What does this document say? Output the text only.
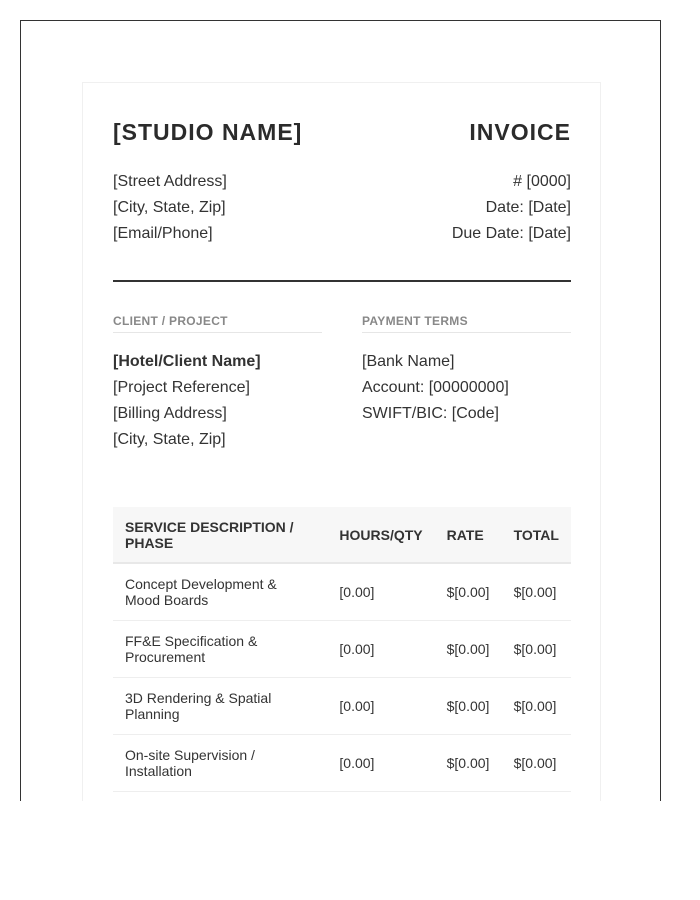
[STUDIO NAME]	INVOICE
[Street Address]
[City, State, Zip]
[Email/Phone]
# [0000]
Date: [Date]
Due Date: [Date]
CLIENT / PROJECT
[Hotel/Client Name]
[Project Reference]
[Billing Address]
[City, State, Zip]
PAYMENT TERMS
[Bank Name]
Account: [00000000]
SWIFT/BIC: [Code]
SERVICE DESCRIPTION / PHASE	HOURS/QTY	RATE	TOTAL
Concept Development & Mood Boards	[0.00]	$[0.00]	$[0.00]
FF&E Specification & Procurement	[0.00]	$[0.00]	$[0.00]
3D Rendering & Spatial Planning	[0.00]	$[0.00]	$[0.00]
On-site Supervision / Installation	[0.00]	$[0.00]	$[0.00]
